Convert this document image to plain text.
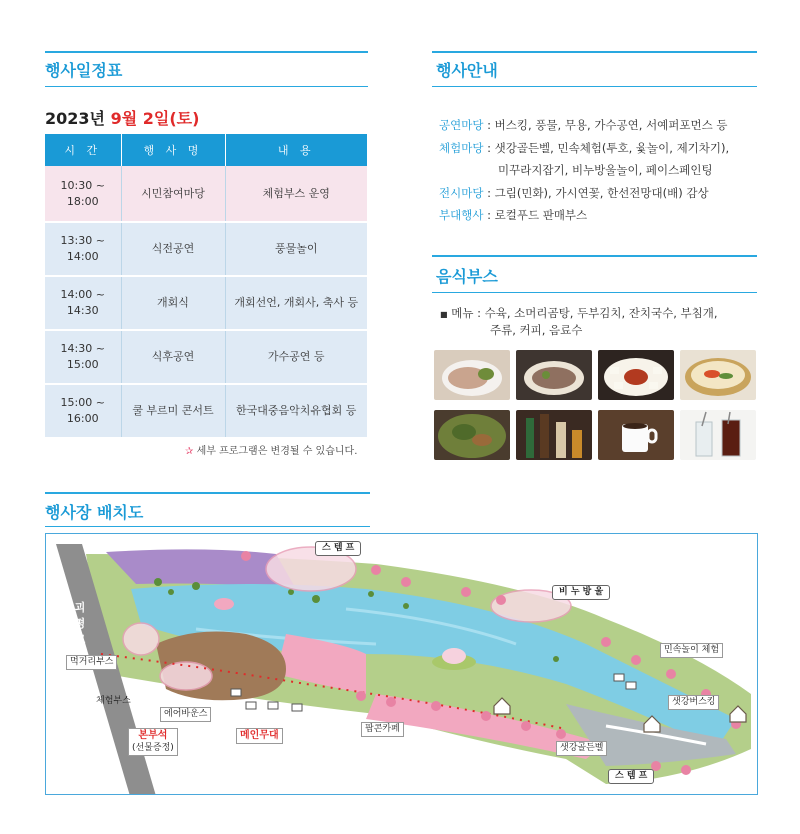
행사일정표
2023년 9월 2일(토)
시 간	행 사 명	내 용
10:30 ~
18:00	시민참여마당	체험부스 운영
13:30 ~
14:00	식전공연	풍물놀이
14:00 ~
14:30	개회식	개회선언, 개회사, 축사 등
14:30 ~
15:00	식후공연	가수공연 등
15:00 ~
16:00	쿨 부르미 콘서트	한국대중음악치유협회 등
✰ 세부 프로그램은 변경될 수 있습니다.
행사안내
공연마당 : 버스킹, 풍물, 무용, 가수공연, 서예퍼포먼스 등
체험마당 : 샛강골든벨, 민속체험(투호, 윷놀이, 제기차기),
미꾸라지잡기, 비누방울놀이, 페이스페인팅
전시마당 : 그림(민화), 가시연꽃, 한선전망대(배) 감상
부대행사 : 로컬푸드 판매부스
음식부스
■ 메뉴 : 수육, 소머리곰탕, 두부김치, 잔치국수, 부침개,
주류, 커피, 음료수
행사장 배치도
괴평교
스 템 프
비 누 방 울
민속놀이 체험
샛강버스킹
샛강골든벨
스 템 프
팝콘카페
메인무대
에어바운스
본부석
(선물증정)
체험부스
먹거리부스
